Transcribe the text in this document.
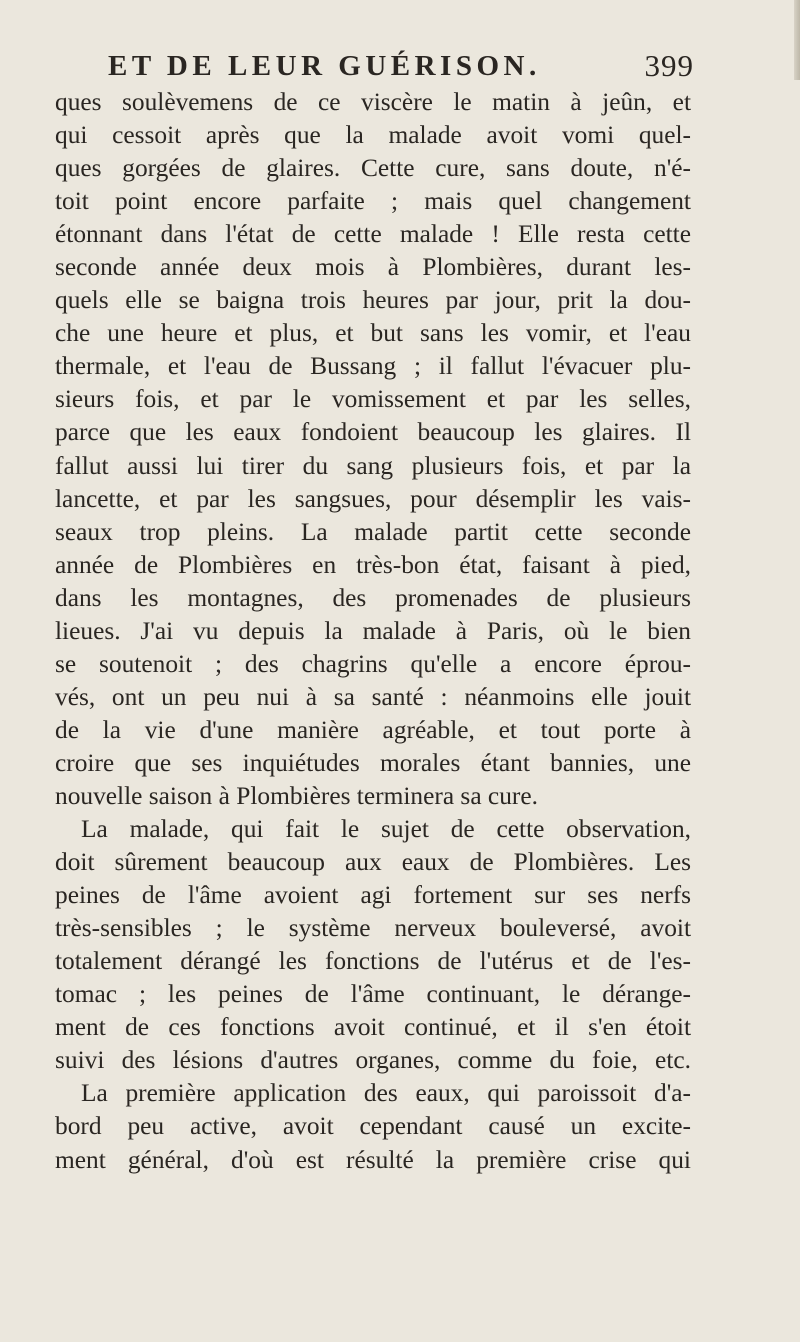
ET DE LEUR GUÉRISON.	399
ques soulèvemens de ce viscère le matin à jeûn, et
qui cessoit après que la malade avoit vomi quel-
ques gorgées de glaires. Cette cure, sans doute, n'é-
toit point encore parfaite ; mais quel changement
étonnant dans l'état de cette malade ! Elle resta cette
seconde année deux mois à Plombières, durant les-
quels elle se baigna trois heures par jour, prit la dou-
che une heure et plus, et but sans les vomir, et l'eau
thermale, et l'eau de Bussang ; il fallut l'évacuer plu-
sieurs fois, et par le vomissement et par les selles,
parce que les eaux fondoient beaucoup les glaires. Il
fallut aussi lui tirer du sang plusieurs fois, et par la
lancette, et par les sangsues, pour désemplir les vais-
seaux trop pleins. La malade partit cette seconde
année de Plombières en très-bon état, faisant à pied,
dans les montagnes, des promenades de plusieurs
lieues. J'ai vu depuis la malade à Paris, où le bien
se soutenoit ; des chagrins qu'elle a encore éprou-
vés, ont un peu nui à sa santé : néanmoins elle jouit
de la vie d'une manière agréable, et tout porte à
croire que ses inquiétudes morales étant bannies, une
nouvelle saison à Plombières terminera sa cure.
La malade, qui fait le sujet de cette observation,
doit sûrement beaucoup aux eaux de Plombières. Les
peines de l'âme avoient agi fortement sur ses nerfs
très-sensibles ; le système nerveux bouleversé, avoit
totalement dérangé les fonctions de l'utérus et de l'es-
tomac ; les peines de l'âme continuant, le dérange-
ment de ces fonctions avoit continué, et il s'en étoit
suivi des lésions d'autres organes, comme du foie, etc.
La première application des eaux, qui paroissoit d'a-
bord peu active, avoit cependant causé un excite-
ment général, d'où est résulté la première crise qui
